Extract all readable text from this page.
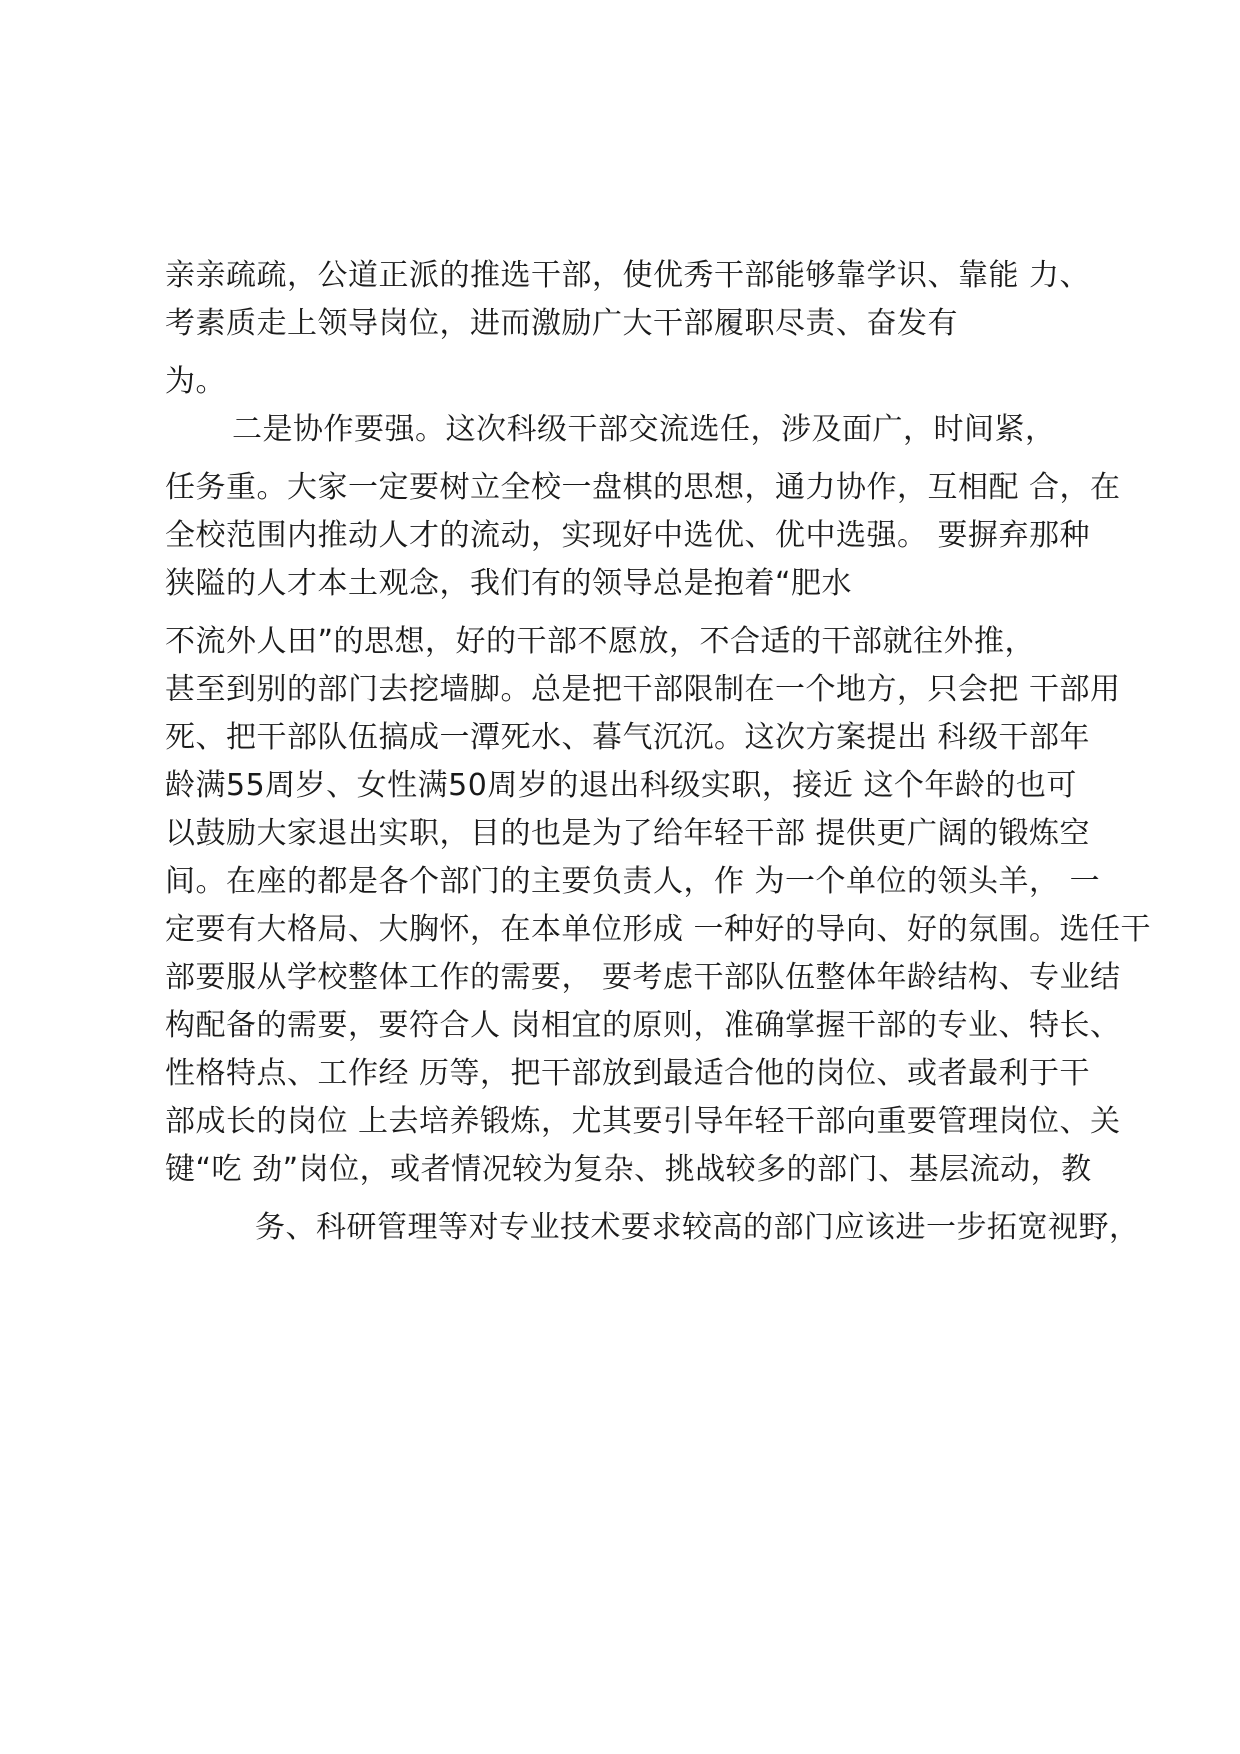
亲亲疏疏，公道正派的推选干部，使优秀干部能够靠学识、靠能 力、
考素质走上领导岗位，进而激励广大干部履职尽责、奋发有
为。
二是协作要强。这次科级干部交流选任，涉及面广，时间紧，
任务重。大家一定要树立全校一盘棋的思想，通力协作，互相配 合，在
全校范围内推动人才的流动，实现好中选优、优中选强。 要摒弃那种
狭隘的人才本土观念，我们有的领导总是抱着“肥水
不流外人田”的思想，好的干部不愿放，不合适的干部就往外推，
甚至到别的部门去挖墙脚。总是把干部限制在一个地方，只会把 干部用
死、把干部队伍搞成一潭死水、暮气沉沉。这次方案提出 科级干部年
龄满55周岁、女性满50周岁的退出科级实职，接近 这个年龄的也可
以鼓励大家退出实职，目的也是为了给年轻干部 提供更广阔的锻炼空
间。在座的都是各个部门的主要负责人，作 为一个单位的领头羊， 一
定要有大格局、大胸怀，在本单位形成 一种好的导向、好的氛围。选任干
部要服从学校整体工作的需要， 要考虑干部队伍整体年龄结构、专业结
构配备的需要，要符合人 岗相宜的原则，准确掌握干部的专业、特长、
性格特点、工作经 历等，把干部放到最适合他的岗位、或者最利于干
部成长的岗位 上去培养锻炼，尤其要引导年轻干部向重要管理岗位、关
键“吃 劲”岗位，或者情况较为复杂、挑战较多的部门、基层流动，教
务、科研管理等对专业技术要求较高的部门应该进一步拓宽视野，
